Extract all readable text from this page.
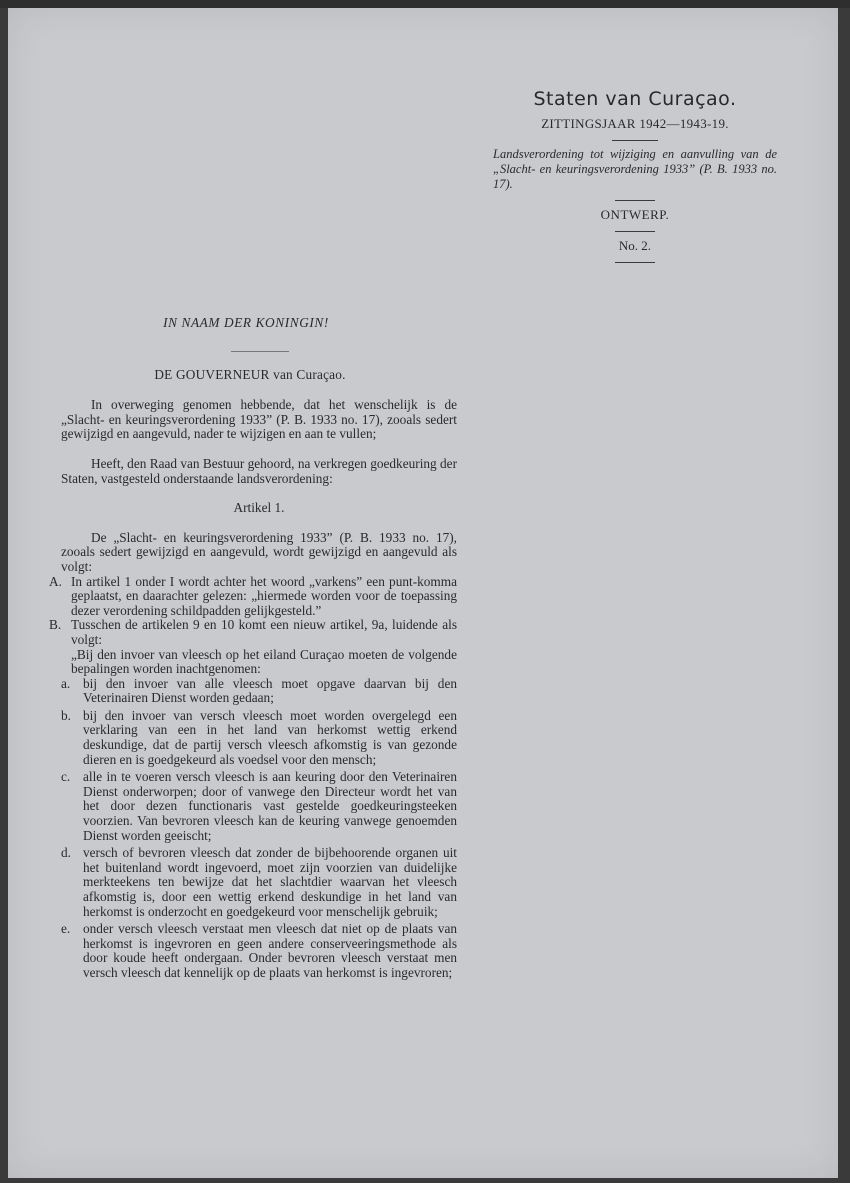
Staten van Curaçao.
ZITTINGSJAAR 1942—1943-19.
Landsverordening tot wijziging en aanvulling van de „Slacht- en keuringsverordening 1933” (P. B. 1933 no. 17).
ONTWERP.
No. 2.

IN NAAM DER KONINGIN!

DE GOUVERNEUR van Curaçao.

In overweging genomen hebbende, dat het wenschelijk is de „Slacht- en keuringsverordening 1933” (P. B. 1933 no. 17), zooals sedert gewijzigd en aangevuld, nader te wijzigen en aan te vullen;

Heeft, den Raad van Bestuur gehoord, na verkregen goedkeuring der Staten, vastgesteld onderstaande landsverordening:

Artikel 1.

De „Slacht- en keuringsverordening 1933” (P. B. 1933 no. 17), zooals sedert gewijzigd en aangevuld, wordt gewijzigd en aangevuld als volgt:

A. In artikel 1 onder I wordt achter het woord „varkens” een punt-komma geplaatst, en daarachter gelezen: „hiermede worden voor de toepassing dezer verordening schildpadden gelijkgesteld.”
B. Tusschen de artikelen 9 en 10 komt een nieuw artikel, 9a, luidende als volgt:

„Bij den invoer van vleesch op het eiland Curaçao moeten de volgende bepalingen worden inachtgenomen:

a. bij den invoer van alle vleesch moet opgave daarvan bij den Veterinairen Dienst worden gedaan;
b. bij den invoer van versch vleesch moet worden overgelegd een verklaring van een in het land van herkomst wettig erkend deskundige, dat de partij versch vleesch afkomstig is van gezonde dieren en is goedgekeurd als voedsel voor den mensch;
c. alle in te voeren versch vleesch is aan keuring door den Veterinairen Dienst onderworpen; door of vanwege den Directeur wordt het van het door dezen functionaris vast gestelde goedkeuringsteeken voorzien. Van bevroren vleesch kan de keuring vanwege genoemden Dienst worden geeischt;
d. versch of bevroren vleesch dat zonder de bijbehoorende organen uit het buitenland wordt ingevoerd, moet zijn voorzien van duidelijke merkteekens ten bewijze dat het slachtdier waarvan het vleesch afkomstig is, door een wettig erkend deskundige in het land van herkomst is onderzocht en goedgekeurd voor menschelijk gebruik;
e. onder versch vleesch verstaat men vleesch dat niet op de plaats van herkomst is ingevroren en geen andere conserveeringsmethode als door koude heeft ondergaan. Onder bevroren vleesch verstaat men versch vleesch dat kennelijk op de plaats van herkomst is ingevroren;
